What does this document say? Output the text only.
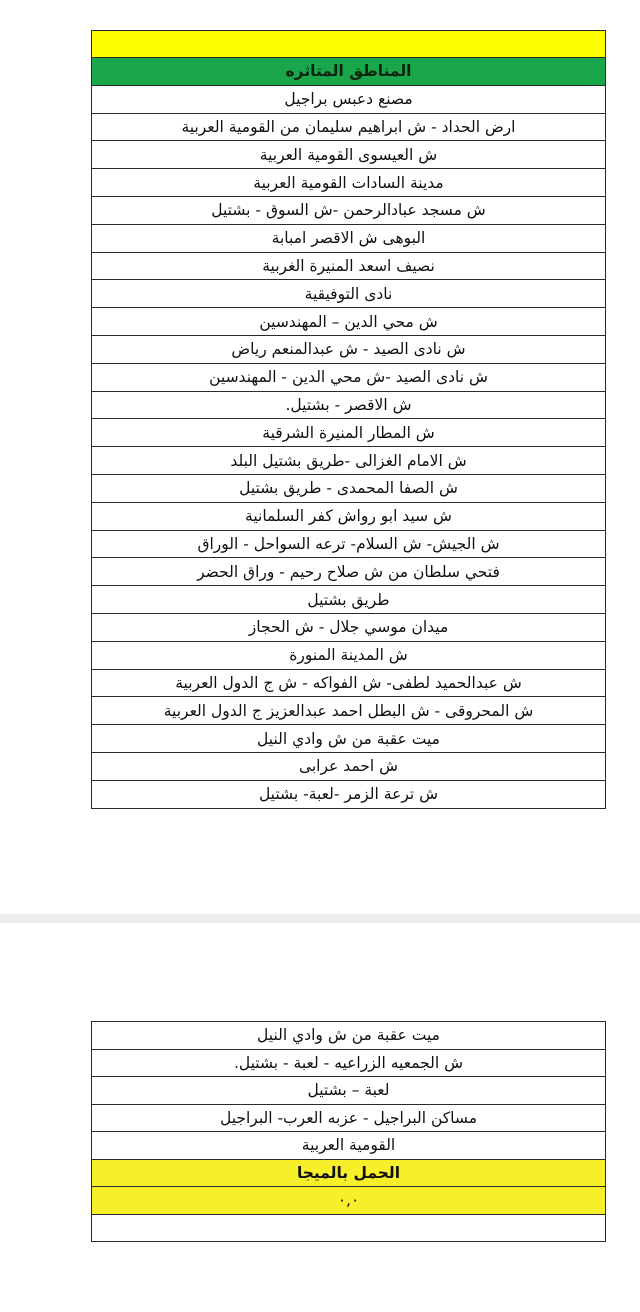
المناطق المتاثره
مصنع دعبس براجيل
ارض الحداد - ش ابراهيم سليمان من القومية العربية
ش العيسوى القومية العربية
مدينة السادات القومية العربية
ش مسجد عبادالرحمن -ش السوق - بشتيل
البوهى ش الاقصر امبابة
نصيف اسعد المنيرة الغربية
نادى التوفيقية
ش محي الدين – المهندسين
ش نادى الصيد - ش عبدالمنعم رياض
ش نادى الصيد -ش محي الدين - المهندسين
ش الاقصر - بشتيل.
ش المطار المنيرة الشرقية
ش الامام الغزالى -طريق بشتيل البلد
ش الصفا المحمدى - طريق بشتيل
ش سيد ابو رواش كفر السلمانية
ش الجيش- ش السلام- ترعه السواحل - الوراق
فتحي سلطان من ش صلاح رحيم - وراق الحضر
طريق بشتيل
ميدان موسي جلال - ش الحجاز
ش المدينة المنورة
ش عبدالحميد لطفى- ش الفواكه - ش ج الدول العربية
ش المحروقى - ش البطل احمد عبدالعزيز ج الدول العربية
ميت عقبة من ش وادي النيل
ش احمد عرابى
ش ترعة الزمر -لعبة- بشتيل
ميت عقبة من ش وادي النيل
ش الجمعيه الزراعيه - لعبة - بشتيل.
لعبة – بشتيل
مساكن البراجيل - عزبه العرب- البراجيل
القومية العربية
الحمل بالميجا
٠,٠
